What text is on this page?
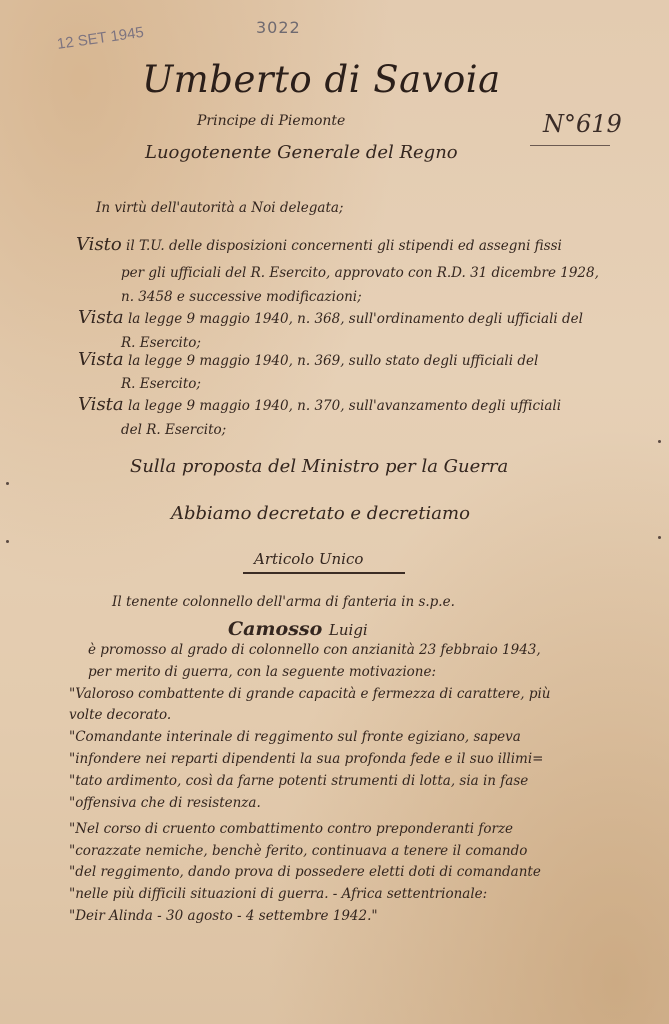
3022
12 SET 1945
Umberto di Savoia
Principe di Piemonte
Luogotenente Generale del Regno
N°619
In virtù dell'autorità a Noi delegata;
Visto il T.U. delle disposizioni concernenti gli stipendi ed assegni fissi
per gli ufficiali del R. Esercito, approvato con R.D. 31 dicembre 1928,
n. 3458 e successive modificazioni;
Vista la legge 9 maggio 1940, n. 368, sull'ordinamento degli ufficiali del
R. Esercito;
Vista la legge 9 maggio 1940, n. 369, sullo stato degli ufficiali del
R. Esercito;
Vista la legge 9 maggio 1940, n. 370, sull'avanzamento degli ufficiali
del R. Esercito;
Sulla proposta del Ministro per la Guerra
Abbiamo decretato e decretiamo
Articolo Unico
Il tenente colonnello dell'arma di fanteria in s.p.e.
Camosso Luigi
è promosso al grado di colonnello con anzianità 23 febbraio 1943,
per merito di guerra, con la seguente motivazione:
"Valoroso combattente di grande capacità e fermezza di carattere, più
volte decorato.
"Comandante interinale di reggimento sul fronte egiziano, sapeva
"infondere nei reparti dipendenti la sua profonda fede e il suo illimi=
"tato ardimento, così da farne potenti strumenti di lotta, sia in fase
"offensiva che di resistenza.
"Nel corso di cruento combattimento contro preponderanti forze
"corazzate nemiche, benchè ferito, continuava a tenere il comando
"del reggimento, dando prova di possedere eletti doti di comandante
"nelle più difficili situazioni di guerra. - Africa settentrionale:
"Deir Alinda - 30 agosto - 4 settembre 1942."
